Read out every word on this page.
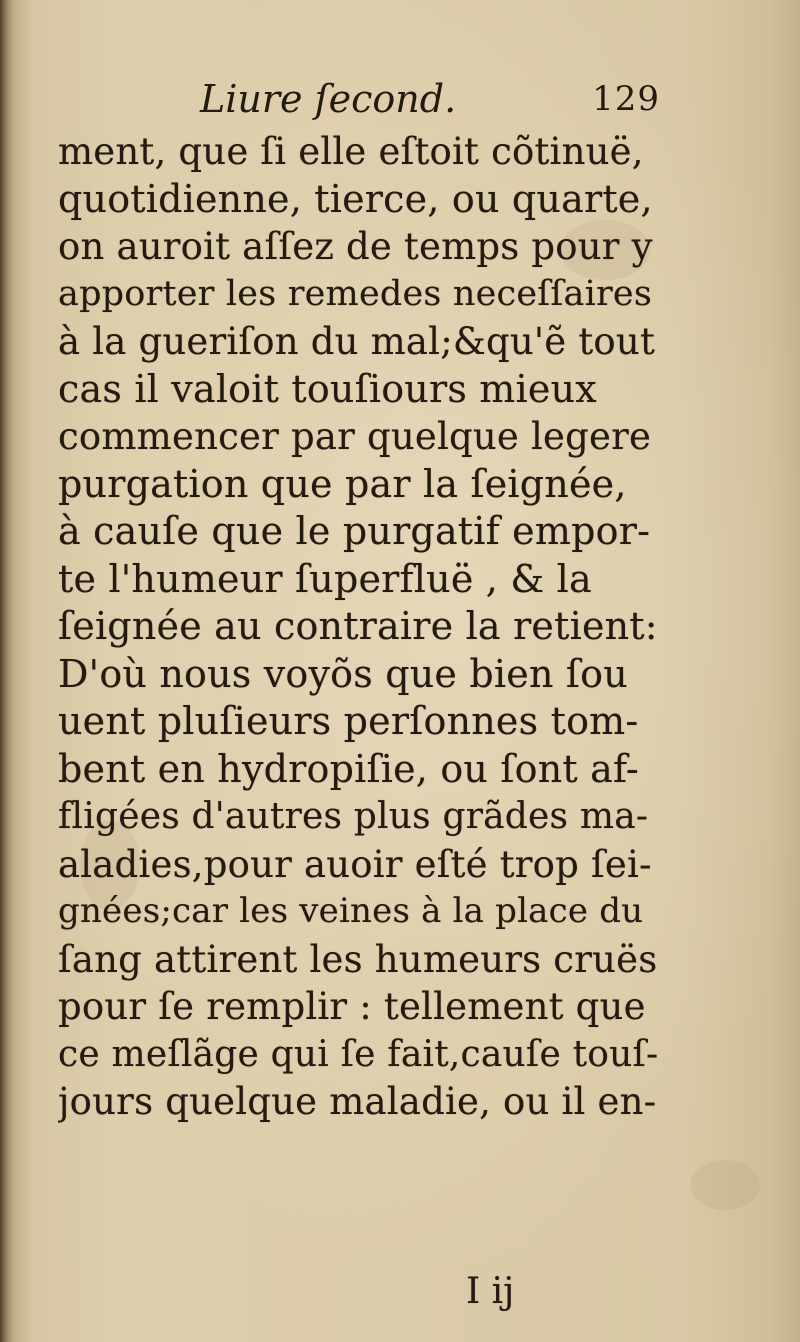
Liure ſecond.	129
ment, que ſi elle eſtoit cõtinuë,
quotidienne, tierce, ou quarte,
on auroit aſſez de temps pour y
apporter les remedes neceſſaires
à la gueriſon du mal;&qu'ẽ tout
cas il valoit touſiours mieux
commencer par quelque legere
purgation que par la ſeignée,
à cauſe que le purgatif empor-
te l'humeur ſuperfluë , & la
ſeignée au contraire la retient:
D'où nous voyõs que bien ſou
uent pluſieurs perſonnes tom-
bent en hydropiſie, ou ſont af-
fligées d'autres plus grãdes ma-
aladies,pour auoir eſté trop ſei-
gnées;car les veines à la place du
ſang attirent les humeurs cruës
pour ſe remplir : tellement que
ce meſlãge qui ſe fait,cauſe touſ-
jours quelque maladie, ou il en-
I ij
